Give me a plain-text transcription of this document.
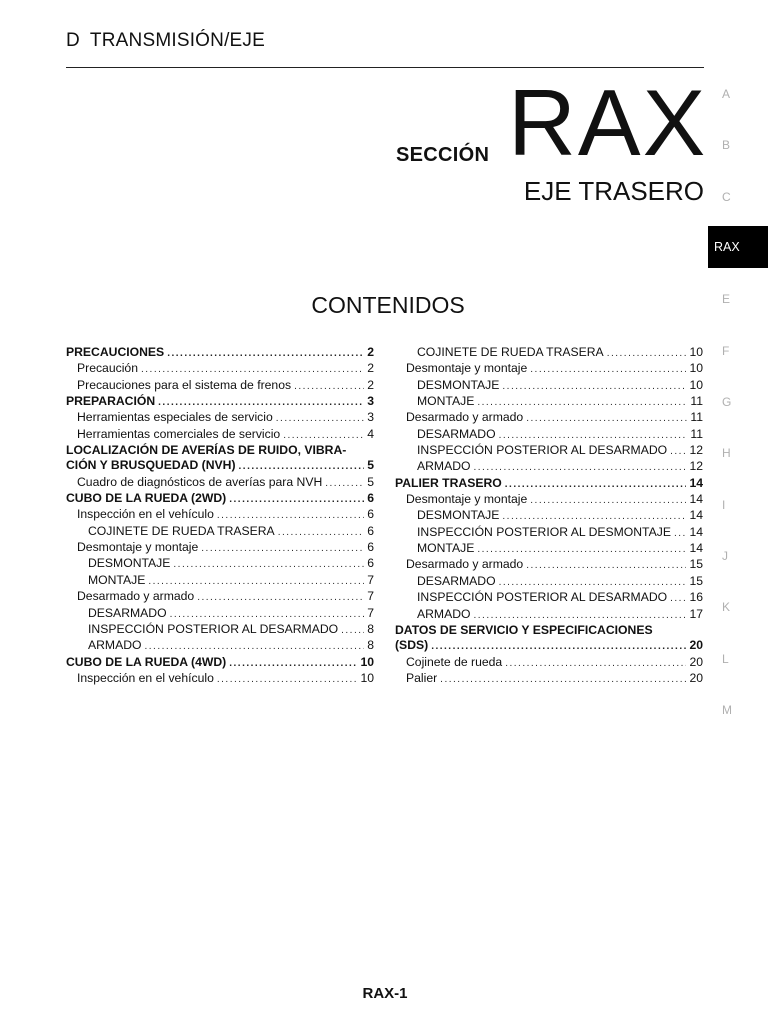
D TRANSMISIÓN/EJE
SECCIÓN RAX
EJE TRASERO
CONTENIDOS
PRECAUCIONES .....	2
Precaución .....	2
Precauciones para el sistema de frenos .....	2
PREPARACIÓN .....	3
Herramientas especiales de servicio .....	3
Herramientas comerciales de servicio .....	4
LOCALIZACIÓN DE AVERÍAS DE RUIDO, VIBRA-
CIÓN Y BRUSQUEDAD (NVH) .....	5
Cuadro de diagnósticos de averías para NVH .....	5
CUBO DE LA RUEDA (2WD) .....	6
Inspección en el vehículo .....	6
COJINETE DE RUEDA TRASERA .....	6
Desmontaje y montaje .....	6
DESMONTAJE .....	6
MONTAJE .....	7
Desarmado y armado .....	7
DESARMADO .....	7
INSPECCIÓN POSTERIOR AL DESARMADO ..... 8
ARMADO .....	8
CUBO DE LA RUEDA (4WD) .....	10
Inspección en el vehículo .....	10
COJINETE DE RUEDA TRASERA .....	10
Desmontaje y montaje .....	10
DESMONTAJE .....	10
MONTAJE .....	11
Desarmado y armado .....	11
DESARMADO .....	11
INSPECCIÓN POSTERIOR AL DESARMADO ..... 12
ARMADO .....	12
PALIER TRASERO .....	14
Desmontaje y montaje .....	14
DESMONTAJE .....	14
INSPECCIÓN POSTERIOR AL DESMONTAJE ..... 14
MONTAJE .....	14
Desarmado y armado .....	15
DESARMADO .....	15
INSPECCIÓN POSTERIOR AL DESARMADO ..... 16
ARMADO .....	17
DATOS DE SERVICIO Y ESPECIFICACIONES
(SDS) .....	20
Cojinete de rueda .....	20
Palier .....	20
A
B
C
RAX
E
F
G
H
I
J
K
L
M
RAX-1
